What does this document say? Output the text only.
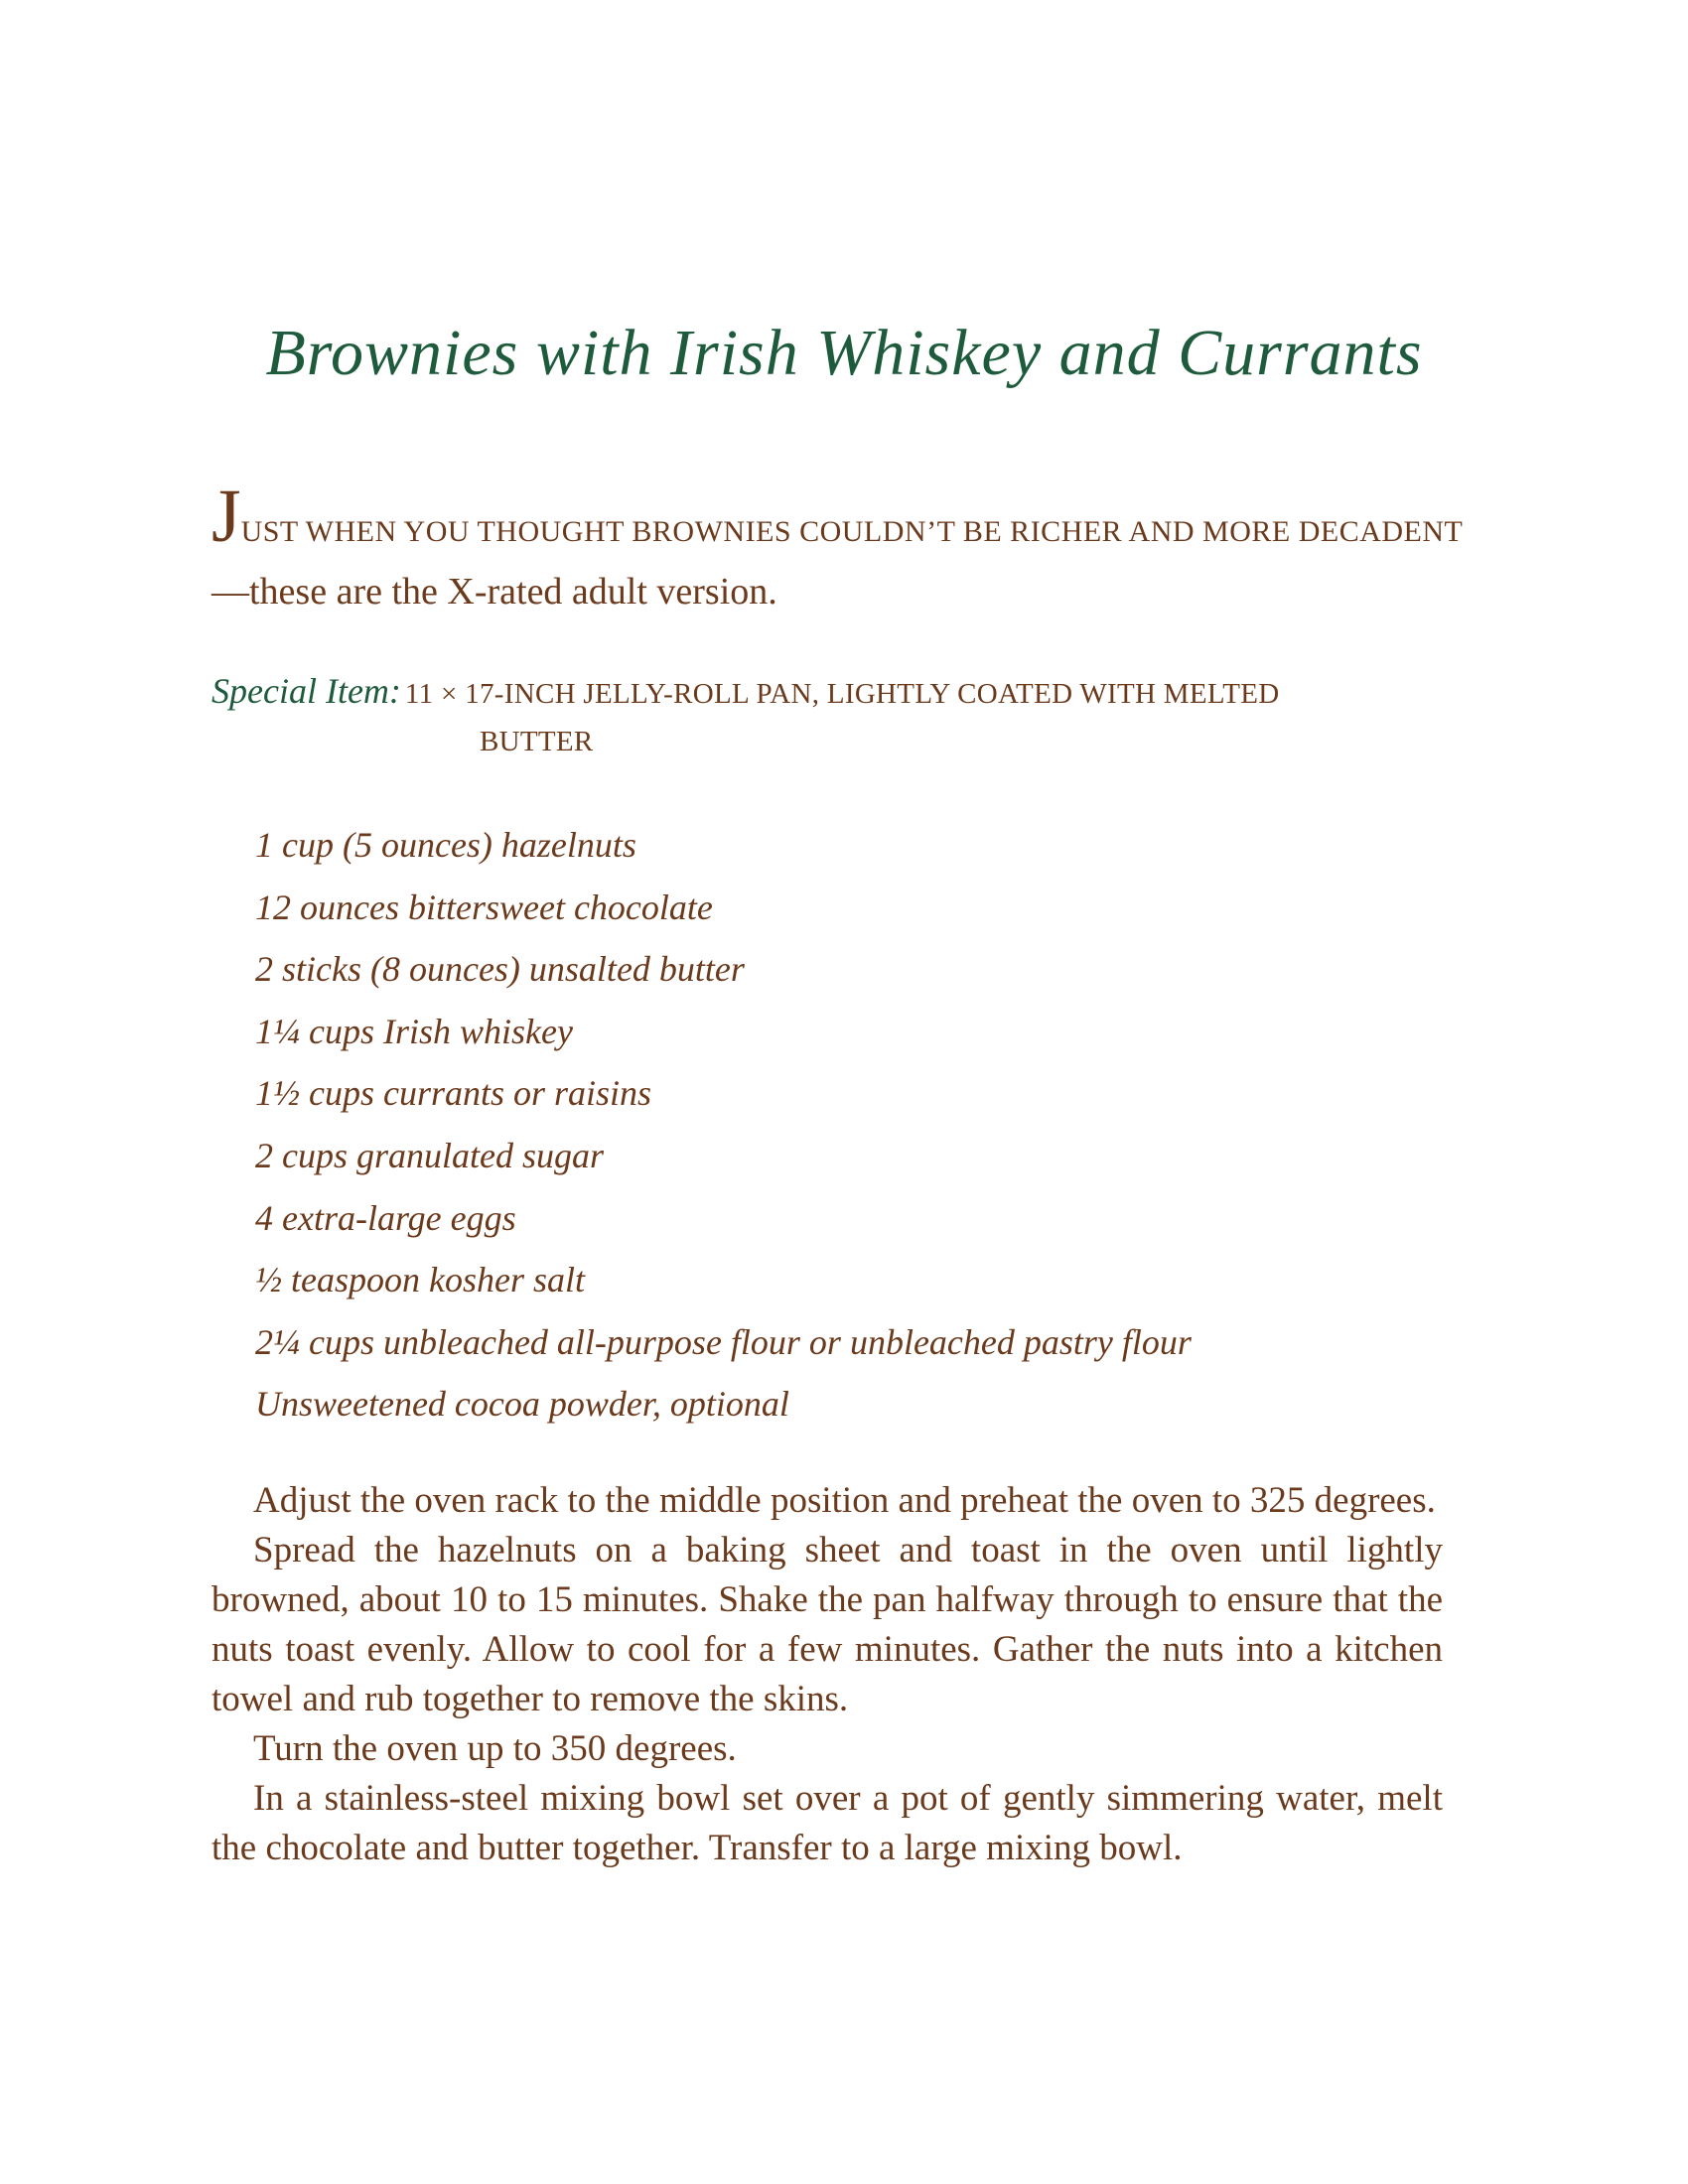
Brownies with Irish Whiskey and Currants

JUST WHEN YOU THOUGHT BROWNIES COULDN’T BE RICHER AND MORE DECADENT—these are the X-rated adult version.

Special Item: 11 × 17-INCH JELLY-ROLL PAN, LIGHTLY COATED WITH MELTED
BUTTER
1 cup (5 ounces) hazelnuts
12 ounces bittersweet chocolate
2 sticks (8 ounces) unsalted butter
1¼ cups Irish whiskey
1½ cups currants or raisins
2 cups granulated sugar
4 extra-large eggs
½ teaspoon kosher salt
2¼ cups unbleached all-purpose flour or unbleached pastry flour
Unsweetened cocoa powder, optional

Adjust the oven rack to the middle position and preheat the oven to 325 degrees.

Spread the hazelnuts on a baking sheet and toast in the oven until lightly browned, about 10 to 15 minutes. Shake the pan halfway through to ensure that the nuts toast evenly. Allow to cool for a few minutes. Gather the nuts into a kitchen towel and rub together to remove the skins.

Turn the oven up to 350 degrees.

In a stainless-steel mixing bowl set over a pot of gently simmering water, melt the chocolate and butter together. Transfer to a large mixing bowl.
